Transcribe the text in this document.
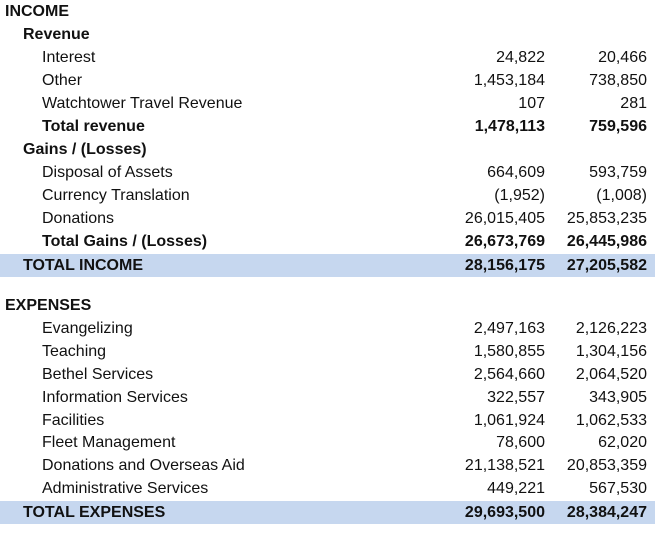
INCOME
Revenue
Interest	24,822	20,466
Other	1,453,184	738,850
Watchtower Travel Revenue	107	281
Total revenue	1,478,113	759,596
Gains / (Losses)
Disposal of Assets	664,609	593,759
Currency Translation	(1,952)	(1,008)
Donations	26,015,405 25,853,235
Total Gains / (Losses)	26,673,769 26,445,986
TOTAL INCOME	28,156,175 27,205,582
EXPENSES
Evangelizing	2,497,163 2,126,223
Teaching	1,580,855 1,304,156
Bethel Services	2,564,660 2,064,520
Information Services	322,557	343,905
Facilities	1,061,924 1,062,533
Fleet Management	78,600	62,020
Donations and Overseas Aid	21,138,521 20,853,359
Administrative Services	449,221	567,530
TOTAL EXPENSES	29,693,500 28,384,247
